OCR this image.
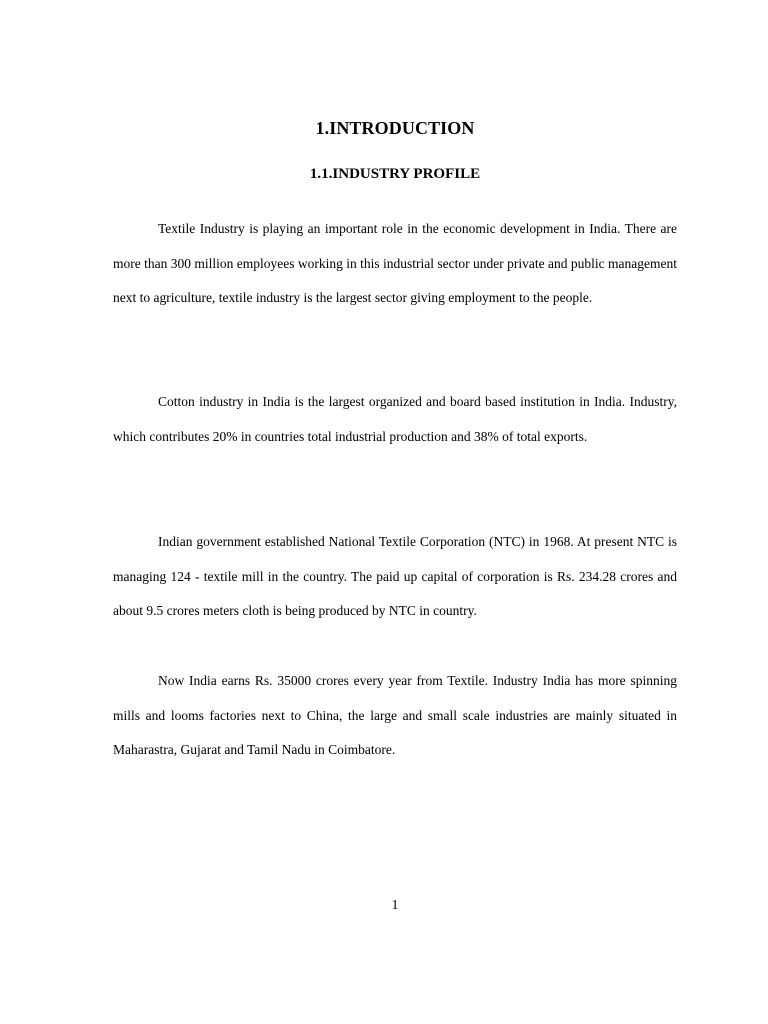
1.INTRODUCTION
1.1.INDUSTRY PROFILE

Textile Industry is playing an important role in the economic development in India. There are more than 300 million employees working in this industrial sector under private and public management next to agriculture, textile industry is the largest sector giving employment to the people.

Cotton industry in India is the largest organized and board based institution in India. Industry, which contributes 20% in countries total industrial production and 38% of total exports.

Indian government established National Textile Corporation (NTC) in 1968. At present NTC is managing 124 - textile mill in the country. The paid up capital of corporation is Rs. 234.28 crores and about 9.5 crores meters cloth is being produced by NTC in country.

Now India earns Rs. 35000 crores every year from Textile. Industry India has more spinning mills and looms factories next to China, the large and small scale industries are mainly situated in Maharastra, Gujarat and Tamil Nadu in Coimbatore.

1
